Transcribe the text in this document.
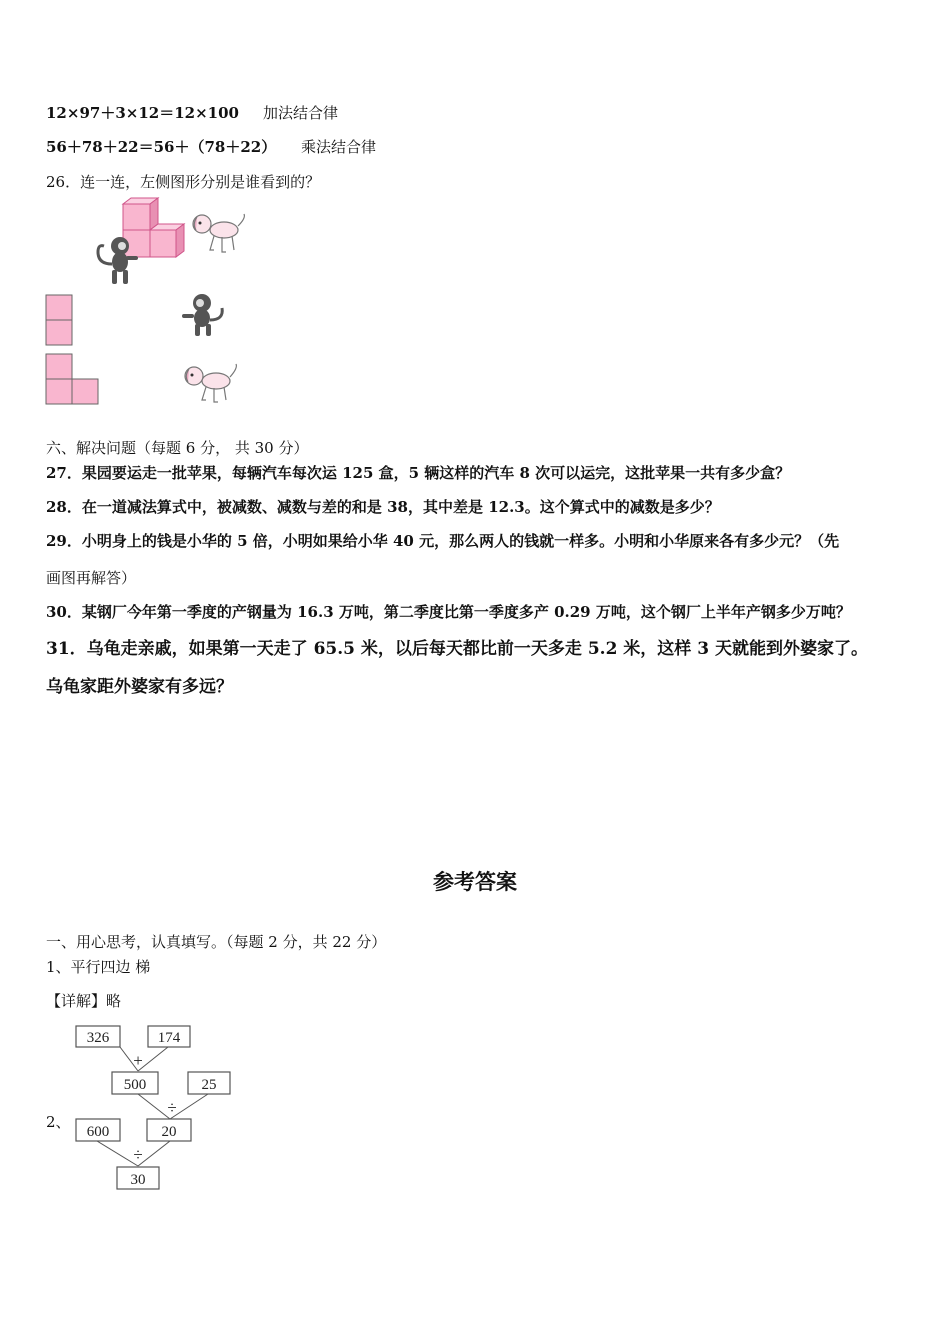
12×97＋3×12＝12×100 加法结合律
56＋78＋22＝56＋（78＋22） 乘法结合律
26．连一连，左侧图形分别是谁看到的？
六、解决问题（每题 6 分， 共 30 分）
27．果园要运走一批苹果，每辆汽车每次运 125 盒，5 辆这样的汽车 8 次可以运完，这批苹果一共有多少盒？
28．在一道减法算式中，被减数、减数与差的和是 38，其中差是 12.3。这个算式中的减数是多少？
29．小明身上的钱是小华的 5 倍，小明如果给小华 40 元，那么两人的钱就一样多。小明和小华原来各有多少元？（先
画图再解答）
30．某钢厂今年第一季度的产钢量为 16.3 万吨，第二季度比第一季度多产 0.29 万吨，这个钢厂上半年产钢多少万吨？
31．乌龟走亲戚，如果第一天走了 65.5 米，以后每天都比前一天多走 5.2 米，这样 3 天就能到外婆家了。
乌龟家距外婆家有多远？
参考答案
一、用心思考，认真填写。（每题 2 分，共 22 分）
1、平行四边 梯
【详解】略
2、
326	174
+
500	25
÷
600	20
÷
30
